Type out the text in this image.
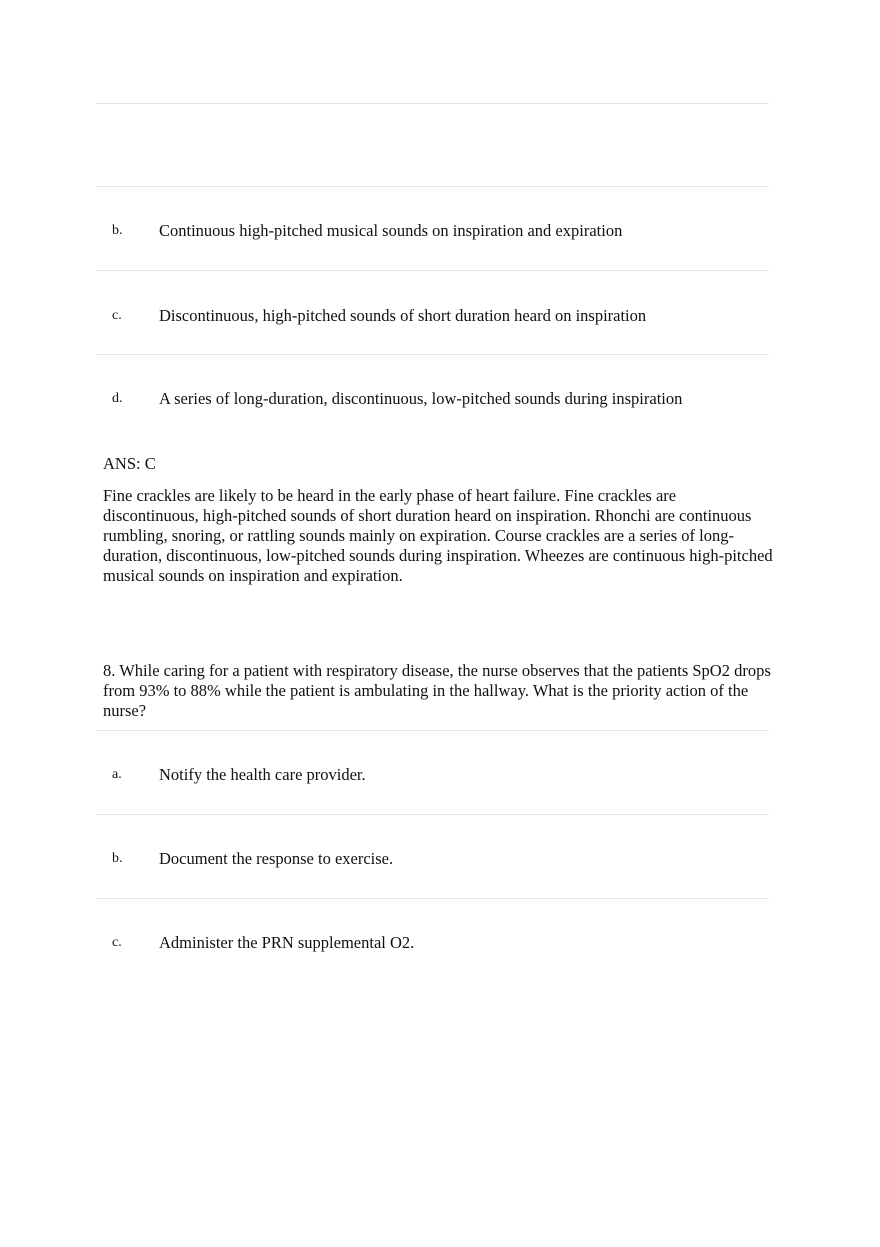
b. Continuous high-pitched musical sounds on inspiration and expiration
c. Discontinuous, high-pitched sounds of short duration heard on inspiration
d. A series of long-duration, discontinuous, low-pitched sounds during inspiration
ANS: C
Fine crackles are likely to be heard in the early phase of heart failure. Fine crackles are discontinuous, high-pitched sounds of short duration heard on inspiration. Rhonchi are continuous rumbling, snoring, or rattling sounds mainly on expiration. Course crackles are a series of long-duration, discontinuous, low-pitched sounds during inspiration. Wheezes are continuous high-pitched musical sounds on inspiration and expiration.
8. While caring for a patient with respiratory disease, the nurse observes that the patients SpO2 drops from 93% to 88% while the patient is ambulating in the hallway. What is the priority action of the nurse?
a. Notify the health care provider.
b. Document the response to exercise.
c. Administer the PRN supplemental O2.
